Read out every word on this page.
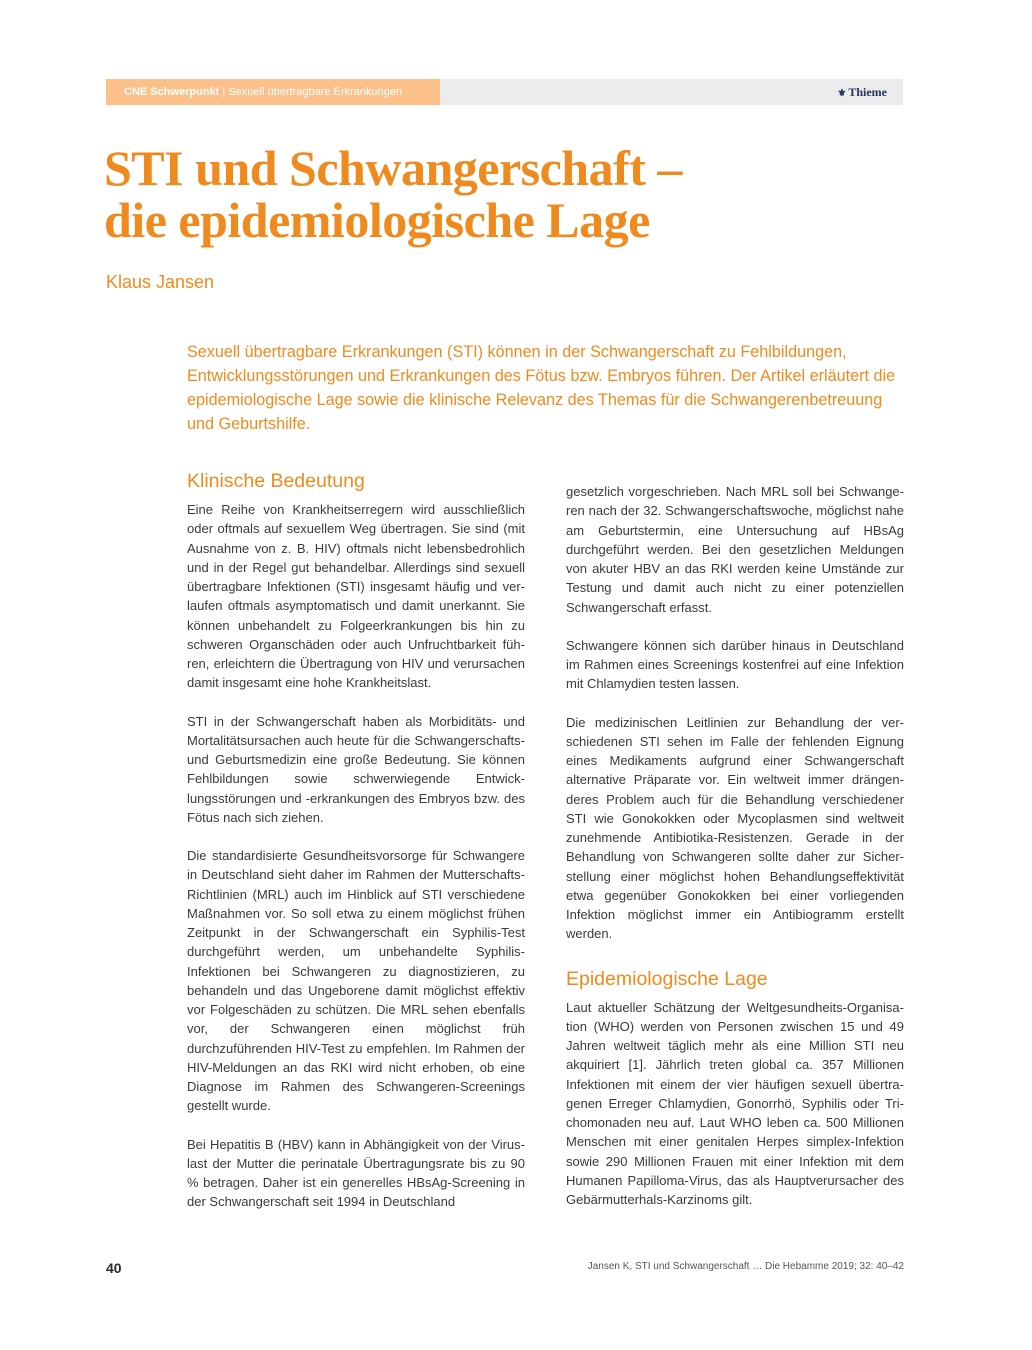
CNE Schwerpunkt | Sexuell übertragbare Erkrankungen	⚜ Thieme
STI und Schwangerschaft –
die epidemiologische Lage
Klaus Jansen

Sexuell übertragbare Erkrankungen (STI) können in der Schwangerschaft zu Fehlbildungen, Entwicklungsstörungen und Erkrankungen des Fötus bzw. Embryos führen. Der Artikel erläutert die epidemiologische Lage sowie die klinische Relevanz des Themas für die Schwangerenbetreuung und Geburtshilfe.

Klinische Bedeutung

Eine Reihe von Krankheitserregern wird ausschließlich oder oftmals auf sexuellem Weg übertragen. Sie sind (mit Ausnahme von z. B. HIV) oftmals nicht lebensbedrohlich und in der Regel gut behandelbar. Allerdings sind sexuell übertragbare Infektionen (STI) insgesamt häufig und verlaufen oftmals asymptomatisch und damit unerkannt. Sie können unbehandelt zu Folgeerkrankungen bis hin zu schweren Organschäden oder auch Unfruchtbarkeit führen, erleichtern die Übertragung von HIV und verursachen damit insgesamt eine hohe Krankheitslast.

STI in der Schwangerschaft haben als Morbiditäts- und Mortalitätsursachen auch heute für die Schwangerschafts- und Geburtsmedizin eine große Bedeutung. Sie können Fehlbildungen sowie schwerwiegende Entwicklungsstörungen und -erkrankungen des Embryos bzw. des Fötus nach sich ziehen.

Die standardisierte Gesundheitsvorsorge für Schwangere in Deutschland sieht daher im Rahmen der Mutterschafts-Richtlinien (MRL) auch im Hinblick auf STI verschiedene Maßnahmen vor. So soll etwa zu einem möglichst frühen Zeitpunkt in der Schwangerschaft ein Syphilis-Test durchgeführt werden, um unbehandelte Syphilis-Infektionen bei Schwangeren zu diagnostizieren, zu behandeln und das Ungeborene damit möglichst effektiv vor Folgeschäden zu schützen. Die MRL sehen ebenfalls vor, der Schwangeren einen möglichst früh durchzuführenden HIV-Test zu empfehlen. Im Rahmen der HIV-Meldungen an das RKI wird nicht erhoben, ob eine Diagnose im Rahmen des Schwangeren-Screenings gestellt wurde.

Bei Hepatitis B (HBV) kann in Abhängigkeit von der Viruslast der Mutter die perinatale Übertragungsrate bis zu 90 % betragen. Daher ist ein generelles HBsAg-Screening in der Schwangerschaft seit 1994 in Deutschland

gesetzlich vorgeschrieben. Nach MRL soll bei Schwangeren nach der 32. Schwangerschaftswoche, möglichst nahe am Geburtstermin, eine Untersuchung auf HBsAg durchgeführt werden. Bei den gesetzlichen Meldungen von akuter HBV an das RKI werden keine Umstände zur Testung und damit auch nicht zu einer potenziellen Schwangerschaft erfasst.

Schwangere können sich darüber hinaus in Deutschland im Rahmen eines Screenings kostenfrei auf eine Infektion mit Chlamydien testen lassen.

Die medizinischen Leitlinien zur Behandlung der verschiedenen STI sehen im Falle der fehlenden Eignung eines Medikaments aufgrund einer Schwangerschaft alternative Präparate vor. Ein weltweit immer drängenderes Problem auch für die Behandlung verschiedener STI wie Gonokokken oder Mycoplasmen sind weltweit zunehmende Antibiotika-Resistenzen. Gerade in der Behandlung von Schwangeren sollte daher zur Sicherstellung einer möglichst hohen Behandlungseffektivität etwa gegenüber Gonokokken bei einer vorliegenden Infektion möglichst immer ein Antibiogramm erstellt werden.

Epidemiologische Lage

Laut aktueller Schätzung der Weltgesundheits-Organisation (WHO) werden von Personen zwischen 15 und 49 Jahren weltweit täglich mehr als eine Million STI neu akquiriert [1]. Jährlich treten global ca. 357 Millionen Infektionen mit einem der vier häufigen sexuell übertragenen Erreger Chlamydien, Gonorrhö, Syphilis oder Trichomonaden neu auf. Laut WHO leben ca. 500 Millionen Menschen mit einer genitalen Herpes simplex-Infektion sowie 290 Millionen Frauen mit einer Infektion mit dem Humanen Papilloma-Virus, das als Hauptverursacher des Gebärmutterhals-Karzinoms gilt.

40	Jansen K, STI und Schwangerschaft … Die Hebamme 2019; 32: 40–42
